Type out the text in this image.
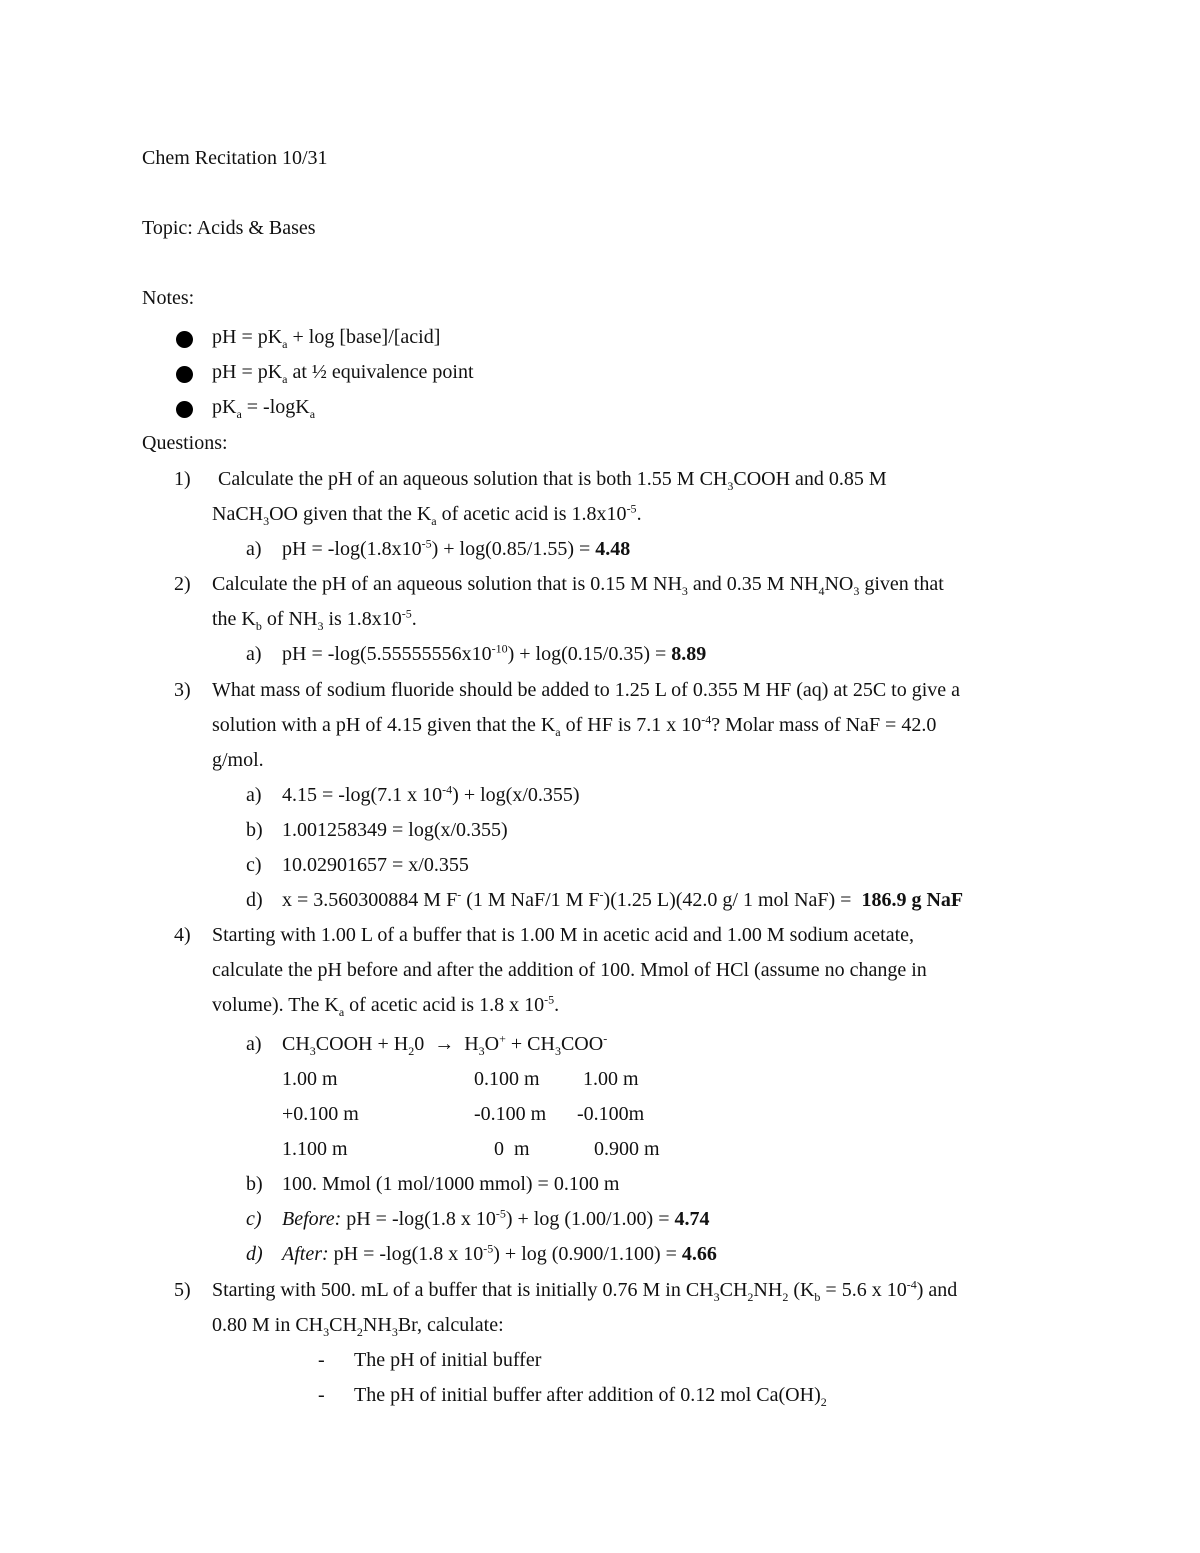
Chem Recitation 10/31
Topic: Acids & Bases
Notes:
pH = $pK_a + \log$ [base]/[acid]
pH = $pK_a$ at ½ equivalence point
$pK_a = -\log K_a$
Questions:
1) Calculate the pH of an aqueous solution that is both 1.55 M $CH_3COOH$ and 0.85 M
NaCH$_3$OO given that the $K_a$ of acetic acid is $1.8x10^{-5}$.
a) pH = $-\log(1.8x10^{-5}) + \log(0.85/1.55) = 4.48$
2) Calculate the pH of an aqueous solution that is 0.15 M $NH_3$ and 0.35 M $NH_4NO_3$ given that
the $K_b$ of $NH_3$ is $1.8x10^{-5}$.
a) pH = $-\log(5.55555556x10^{-10}) + \log(0.15/0.35) = 8.89$
3) What mass of sodium fluoride should be added to 1.25 L of 0.355 M HF (aq) at 25C to give a
solution with a pH of 4.15 given that the $K_a$ of HF is 7.1 x $10^{-4}$? Molar mass of NaF = 42.0
g/mol.
a) 4.15 = -log(7.1 x $10^{-4}) + \log(x/0.355)$
b) 1.001258349 = log(x/0.355)
c) 10.02901657 = x/0.355
d) x = 3.560300884 M F- (1 M NaF/1 M F-)(1.25 L)(42.0 g/ 1 mol NaF) =  186.9 g NaF
4) Starting with 1.00 L of a buffer that is 1.00 M in acetic acid and 1.00 M sodium acetate,
calculate the pH before and after the addition of 100. Mmol of HCl (assume no change in
volume). The $K_a$ of acetic acid is 1.8 x $10^{-5}$.
a) $CH_3COOH + H_20 \to H_3O^+ + CH_3COO^-$
1.00 m	0.100 m 1.00 m
+0.100 m	-0.100 m -0.100m
1.100 m	0  m	0.900 m
b) 100. Mmol (1 mol/1000 mmol) = 0.100 m
c) Before: pH = -log(1.8 x $10^{-5}) + \log (1.00/1.00) = 4.74$
d) After: pH = -log(1.8 x $10^{-5}) + \log (0.900/1.100) = 4.66$
5) Starting with 500. mL of a buffer that is initially 0.76 M in $CH_3CH_2NH_2$ ($K_b = 5.6$ x $10^{-4}$) and
0.80 M in $CH_3CH_2NH_3Br$, calculate:
- The pH of initial buffer
- The pH of initial buffer after addition of 0.12 mol $Ca(OH)_2$
